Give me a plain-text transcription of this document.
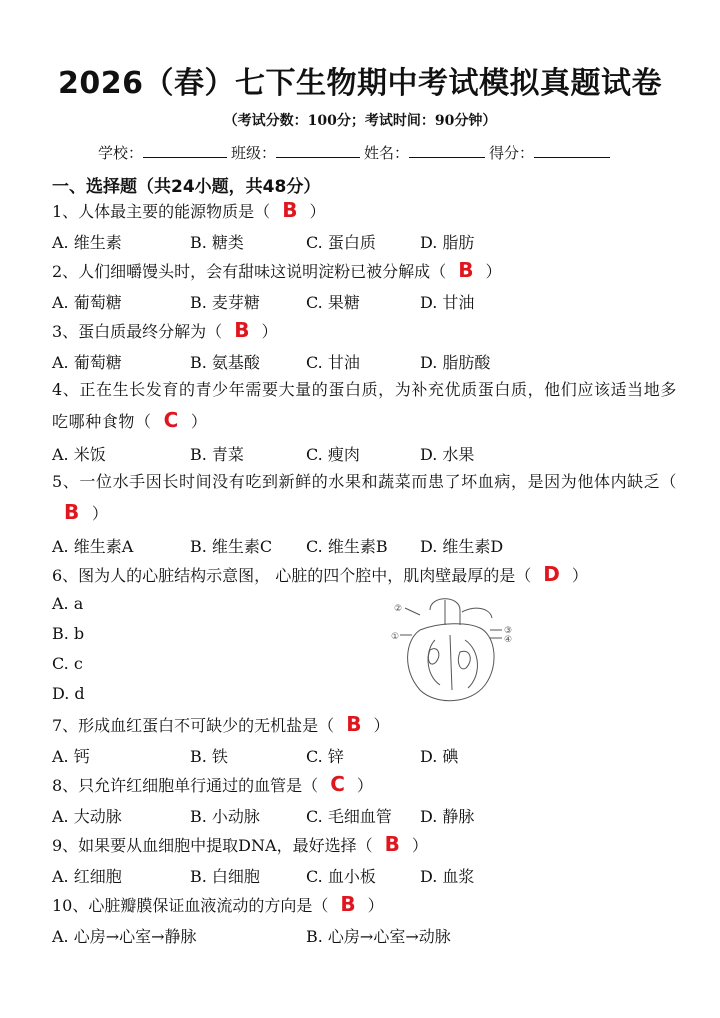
2026（春）七下生物期中考试模拟真题试卷
（考试分数：100分；考试时间：90分钟）
学校：	班级：	姓名：	得分：
一、选择题（共24小题，共48分）
1、人体最主要的能源物质是（ B ）
A. 维生素	B. 糖类	C. 蛋白质	D. 脂肪
2、人们细嚼馒头时，会有甜味这说明淀粉已被分解成（ B ）
A. 葡萄糖	B. 麦芽糖	C. 果糖	D. 甘油
3、蛋白质最终分解为（ B ）
A. 葡萄糖	B. 氨基酸	C. 甘油	D. 脂肪酸
4、正在生长发育的青少年需要大量的蛋白质，为补充优质蛋白质，他们应该适当地多吃哪种食物（ C ）
A. 米饭	B. 青菜	C. 瘦肉	D. 水果
5、一位水手因长时间没有吃到新鲜的水果和蔬菜而患了坏血病，是因为他体内缺乏（B ）
A. 维生素A	B. 维生素C C. 维生素B D. 维生素D
6、图为人的心脏结构示意图， 心脏的四个腔中，肌肉壁最厚的是（ D ）
A. a
B. b
C. c
D. d
②
①
③
④
7、形成血红蛋白不可缺少的无机盐是（ B ）
A. 钙	B. 铁	C. 锌	D. 碘
8、只允许红细胞单行通过的血管是（ C ）
A. 大动脉	B. 小动脉	C. 毛细血管 D. 静脉
9、如果要从血细胞中提取DNA，最好选择（ B ）
A. 红细胞	B. 白细胞	C. 血小板	D. 血浆
10、心脏瓣膜保证血液流动的方向是（ B ）
A. 心房→心室→静脉	B. 心房→心室→动脉
